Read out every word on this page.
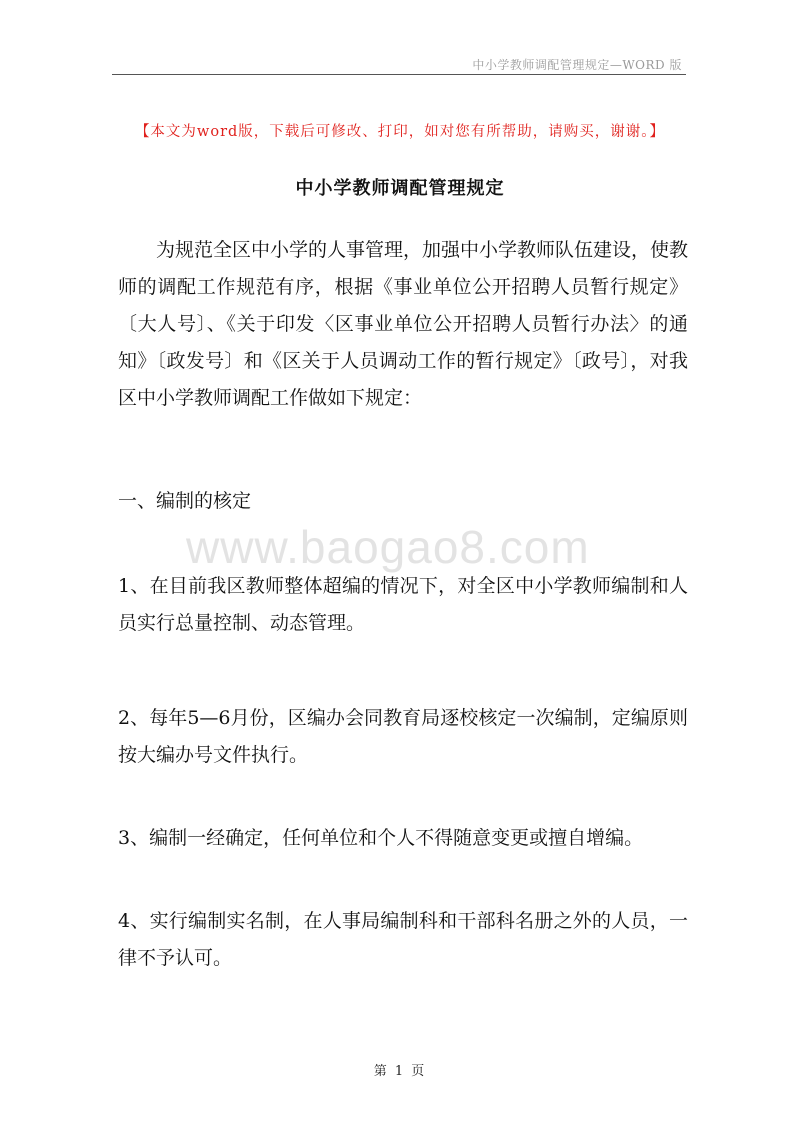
中小学教师调配管理规定—WORD 版
【本文为word版，下载后可修改、打印，如对您有所帮助，请购买，谢谢。】
中小学教师调配管理规定
为规范全区中小学的人事管理，加强中小学教师队伍建设，使教师的调配工作规范有序，根据《事业单位公开招聘人员暂行规定》〔大人号〕、《关于印发〈区事业单位公开招聘人员暂行办法〉的通知》〔政发号〕和《区关于人员调动工作的暂行规定》〔政号〕，对我区中小学教师调配工作做如下规定：
一、编制的核定
www.baogao8.com
1、在目前我区教师整体超编的情况下，对全区中小学教师编制和人员实行总量控制、动态管理。
2、每年5—6月份，区编办会同教育局逐校核定一次编制，定编原则按大编办号文件执行。
3、编制一经确定，任何单位和个人不得随意变更或擅自增编。
4、实行编制实名制，在人事局编制科和干部科名册之外的人员，一律不予认可。
第 1 页
